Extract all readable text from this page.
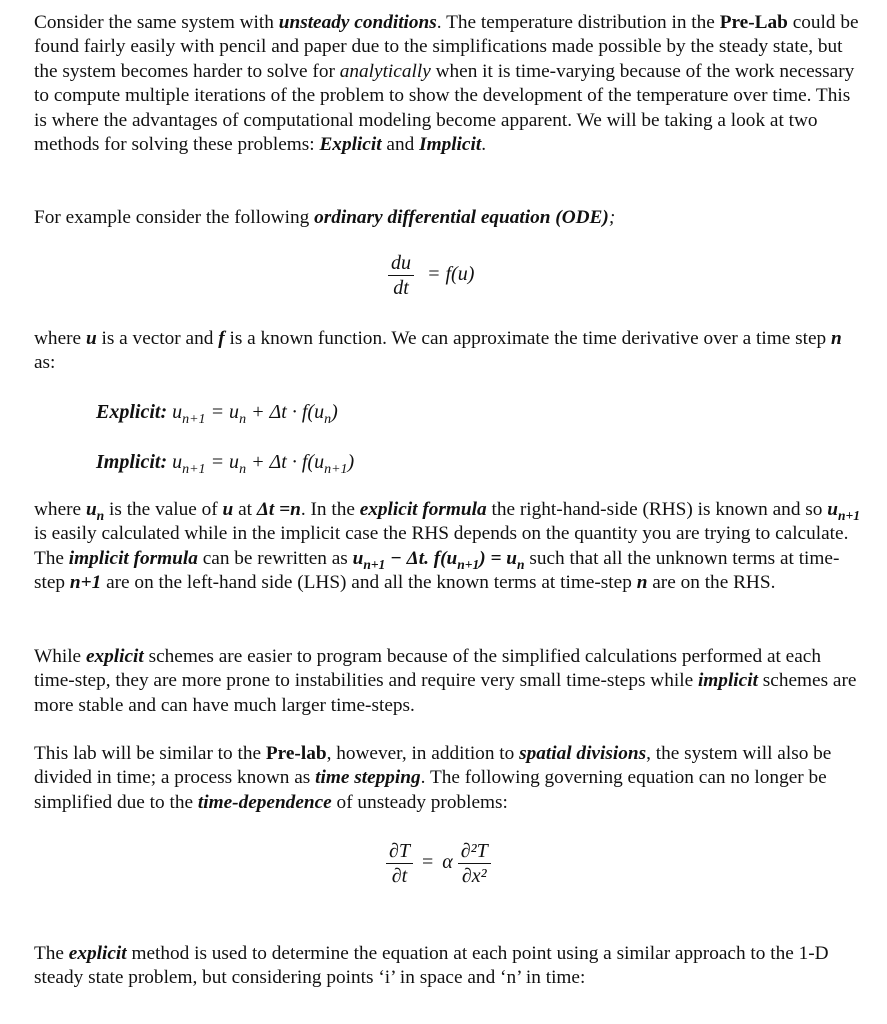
Consider the same system with unsteady conditions. The temperature distribution in the Pre-Lab could be found fairly easily with pencil and paper due to the simplifications made possible by the steady state, but the system becomes harder to solve for analytically when it is time-varying because of the work necessary to compute multiple iterations of the problem to show the development of the temperature over time. This is where the advantages of computational modeling become apparent. We will be taking a look at two methods for solving these problems: Explicit and Implicit.

For example consider the following ordinary differential equation (ODE);

$\frac{du}{dt} = f(u)$

where u is a vector and f is a known function. We can approximate the time derivative over a time step n as:

Explicit: $u_{n+1} = u_n + \Delta t \cdot f(u_n)$
Implicit: $u_{n+1} = u_n + \Delta t \cdot f(u_{n+1})$

where $u_n$ is the value of u at Δt =n. In the explicit formula the right-hand-side (RHS) is known and so $u_{n+1}$ is easily calculated while in the implicit case the RHS depends on the quantity you are trying to calculate. The implicit formula can be rewritten as $u_{n+1} - \Delta t$. $f(u_{n+1}) = u_n$ such that all the unknown terms at time-step n+1 are on the left-hand side (LHS) and all the known terms at time-step n are on the RHS.

While explicit schemes are easier to program because of the simplified calculations performed at each time-step, they are more prone to instabilities and require very small time-steps while implicit schemes are more stable and can have much larger time-steps.

This lab will be similar to the Pre-lab, however, in addition to spatial divisions, the system will also be divided in time; a process known as time stepping. The following governing equation can no longer be simplified due to the time-dependence of unsteady problems:

$\frac{\partial T}{\partial t} = \alpha \frac{\text{∂²T}}{\text{∂x²}}$

The explicit method is used to determine the equation at each point using a similar approach to the 1-D steady state problem, but considering points ‘i’ in space and ‘n’ in time:
